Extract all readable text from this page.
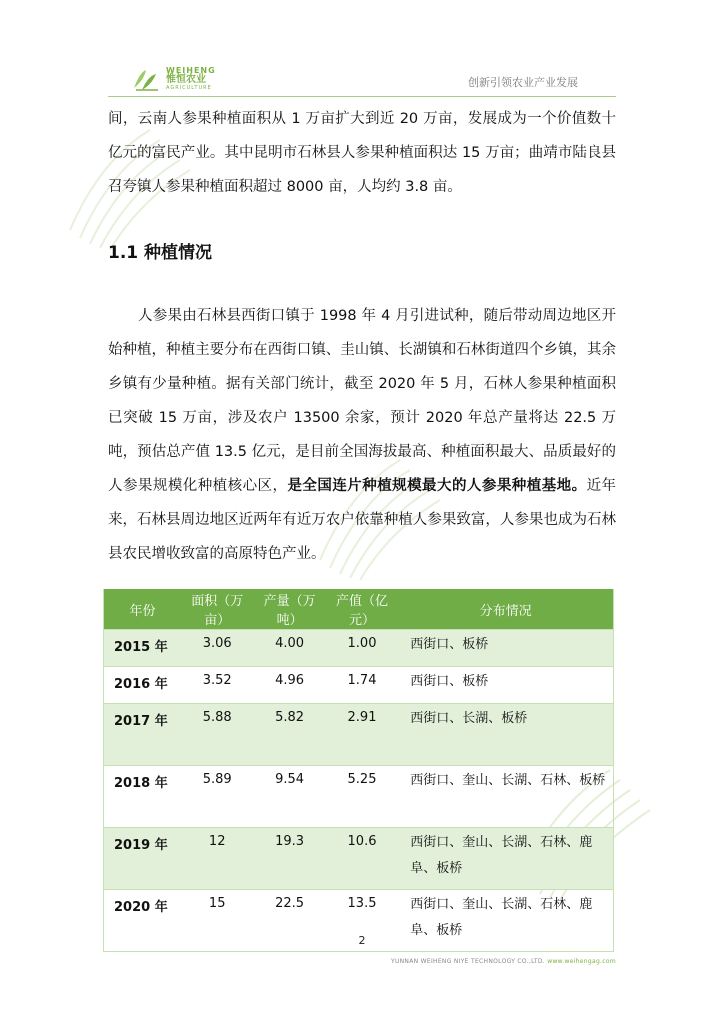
WEIHENG
惟恒农业
AGRICULTURE	创新引领农业产业发展

间，云南人参果种植面积从 1 万亩扩大到近 20 万亩，发展成为一个价值数十亿元的富民产业。其中昆明市石林县人参果种植面积达 15 万亩；曲靖市陆良县召夸镇人参果种植面积超过 8000 亩，人均约 3.8 亩。

1.1 种植情况

人参果由石林县西街口镇于 1998 年 4 月引进试种，随后带动周边地区开始种植，种植主要分布在西街口镇、圭山镇、长湖镇和石林街道四个乡镇，其余乡镇有少量种植。据有关部门统计，截至 2020 年 5 月，石林人参果种植面积已突破 15 万亩，涉及农户 13500 余家，预计 2020 年总产量将达 22.5 万吨，预估总产值 13.5 亿元，是目前全国海拔最高、种植面积最大、品质最好的人参果规模化种植核心区，是全国连片种植规模最大的人参果种植基地。近年来，石林县周边地区近两年有近万农户依靠种植人参果致富，人参果也成为石林县农民增收致富的高原特色产业。

年份	面积（万亩）	产量（万吨）	产值（亿元）	分布情况
2015 年	3.06	4.00	1.00	西街口、板桥
2016 年	3.52	4.96	1.74	西街口、板桥
2017 年	5.88	5.82	2.91	西街口、长湖、板桥
2018 年	5.89	9.54	5.25	西街口、奎山、长湖、石林、板桥
2019 年	12	19.3	10.6	西街口、奎山、长湖、石林、鹿阜、板桥
2020 年	15	22.5	13.5	西街口、奎山、长湖、石林、鹿阜、板桥
2
YUNNAN WEIHENG NIYE TECHNOLOGY CO.,LTD. www.weihengag.com
